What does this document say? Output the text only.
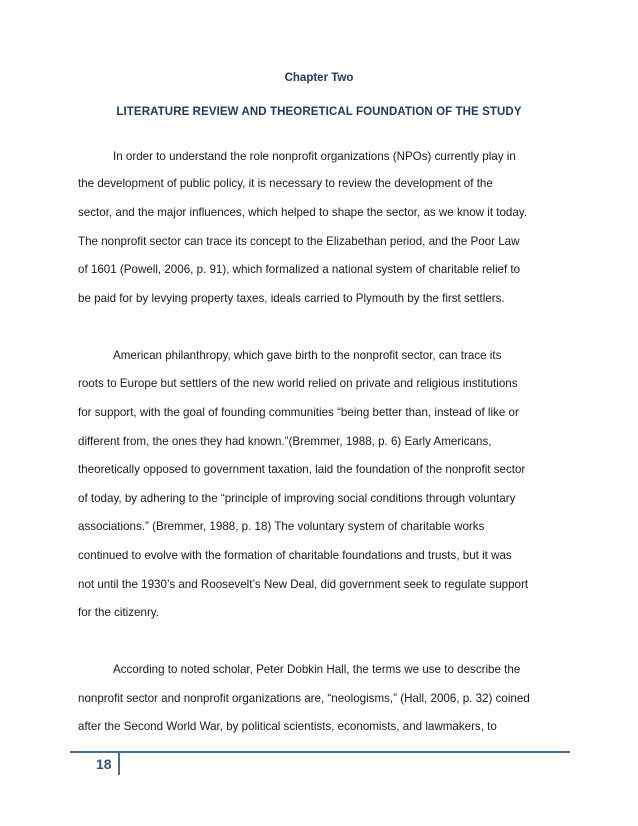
Chapter Two
LITERATURE REVIEW AND THEORETICAL FOUNDATION OF THE STUDY
In order to understand the role nonprofit organizations (NPOs) currently play in
the development of public policy, it is necessary to review the development of the
sector, and the major influences, which helped to shape the sector, as we know it today.
The nonprofit sector can trace its concept to the Elizabethan period, and the Poor Law
of 1601 (Powell, 2006, p. 91), which formalized a national system of charitable relief to
be paid for by levying property taxes, ideals carried to Plymouth by the first settlers.
American philanthropy, which gave birth to the nonprofit sector, can trace its
roots to Europe but settlers of the new world relied on private and religious institutions
for support, with the goal of founding communities “being better than, instead of like or
different from, the ones they had known.”(Bremmer, 1988, p. 6) Early Americans,
theoretically opposed to government taxation, laid the foundation of the nonprofit sector
of today, by adhering to the “principle of improving social conditions through voluntary
associations.” (Bremmer, 1988, p. 18) The voluntary system of charitable works
continued to evolve with the formation of charitable foundations and trusts, but it was
not until the 1930’s and Roosevelt’s New Deal, did government seek to regulate support
for the citizenry.
According to noted scholar, Peter Dobkin Hall, the terms we use to describe the
nonprofit sector and nonprofit organizations are, “neologisms,” (Hall, 2006, p. 32) coined
after the Second World War, by political scientists, economists, and lawmakers, to
18
